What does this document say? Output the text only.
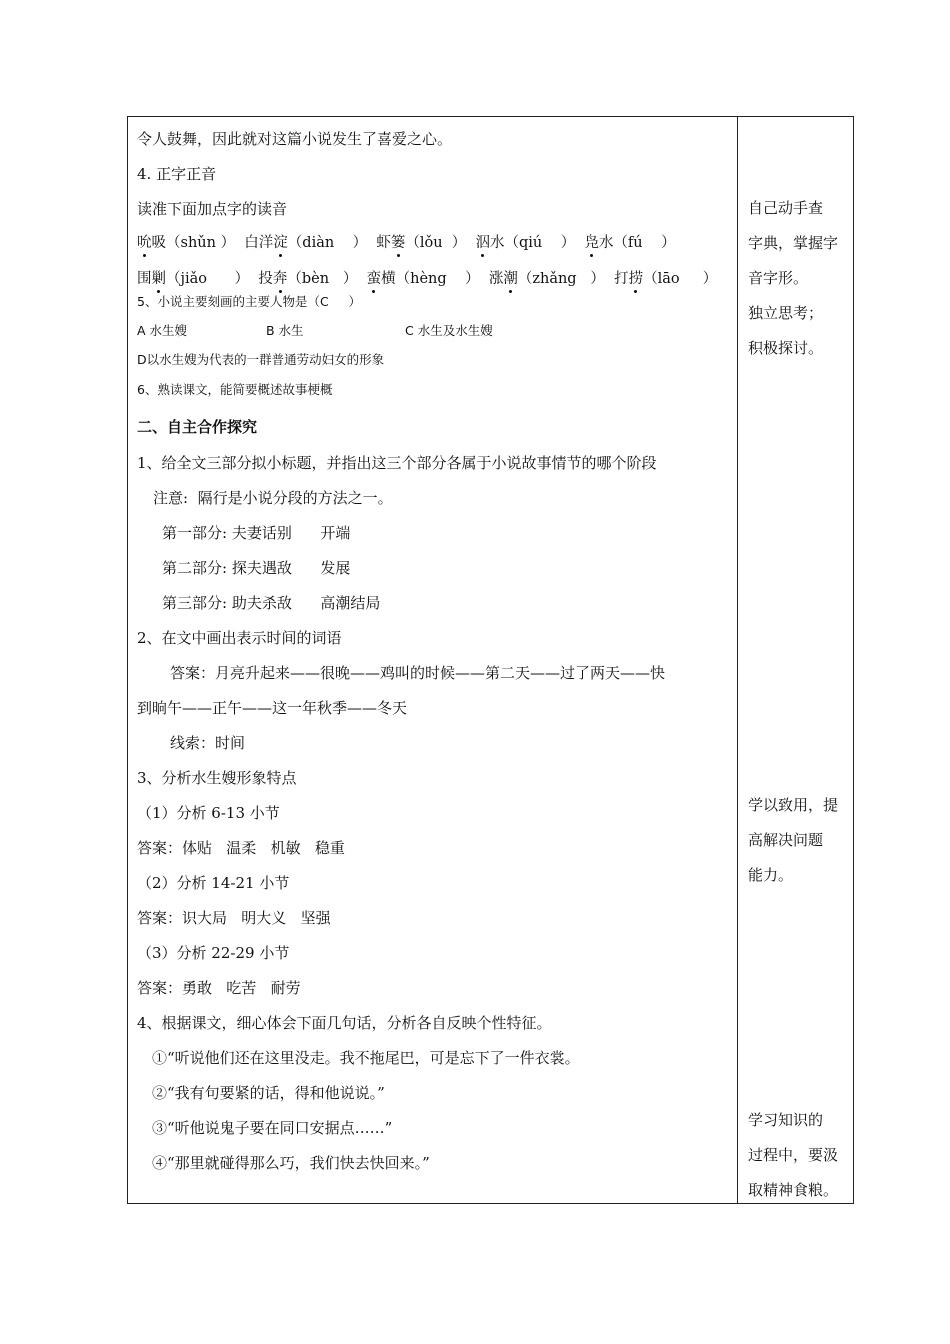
令人鼓舞，因此就对这篇小说发生了喜爱之心。
4. 正字正音
读准下面加点字的读音
吮吸（shǔn ） 白洋淀（diàn    ） 虾篓（lǒu  ） 泅水（qiú    ） 凫水（fú    ）
围剿（jiǎo      ） 投奔（bèn   ） 蛮横（hèng    ） 涨潮（zhǎng   ） 打捞（lāo     ）
5、小说主要刻画的主要人物是（C     ）
A 水生嫂	B 水生	C 水生及水生嫂
D以水生嫂为代表的一群普通劳动妇女的形象
6、熟读课文，能简要概述故事梗概
二、自主合作探究
1、给全文三部分拟小标题，并指出这三个部分各属于小说故事情节的哪个阶段
注意:  隔行是小说分段的方法之一。
第一部分: 夫妻话别      开端
第二部分: 探夫遇敌      发展
第三部分: 助夫杀敌      高潮结局
2、在文中画出表示时间的词语
答案：月亮升起来——很晚——鸡叫的时候——第二天——过了两天——快
到晌午——正午——这一年秋季——冬天
线索：时间
3、分析水生嫂形象特点
（1）分析 6-13 小节
答案：体贴   温柔   机敏   稳重
（2）分析 14-21 小节
答案：识大局   明大义   坚强
（3）分析 22-29 小节
答案：勇敢   吃苦   耐劳
4、根据课文，细心体会下面几句话，分析各自反映个性特征。
①“听说他们还在这里没走。我不拖尾巴，可是忘下了一件衣裳。
②“我有句要紧的话，得和他说说。”
③“听他说鬼子要在同口安据点……”
④“那里就碰得那么巧，我们快去快回来。”

自己动手查

字典，掌握字

音字形。

独立思考；

积极探讨。

学以致用，提

高解决问题

能力。

学习知识的

过程中，要汲

取精神食粮。
